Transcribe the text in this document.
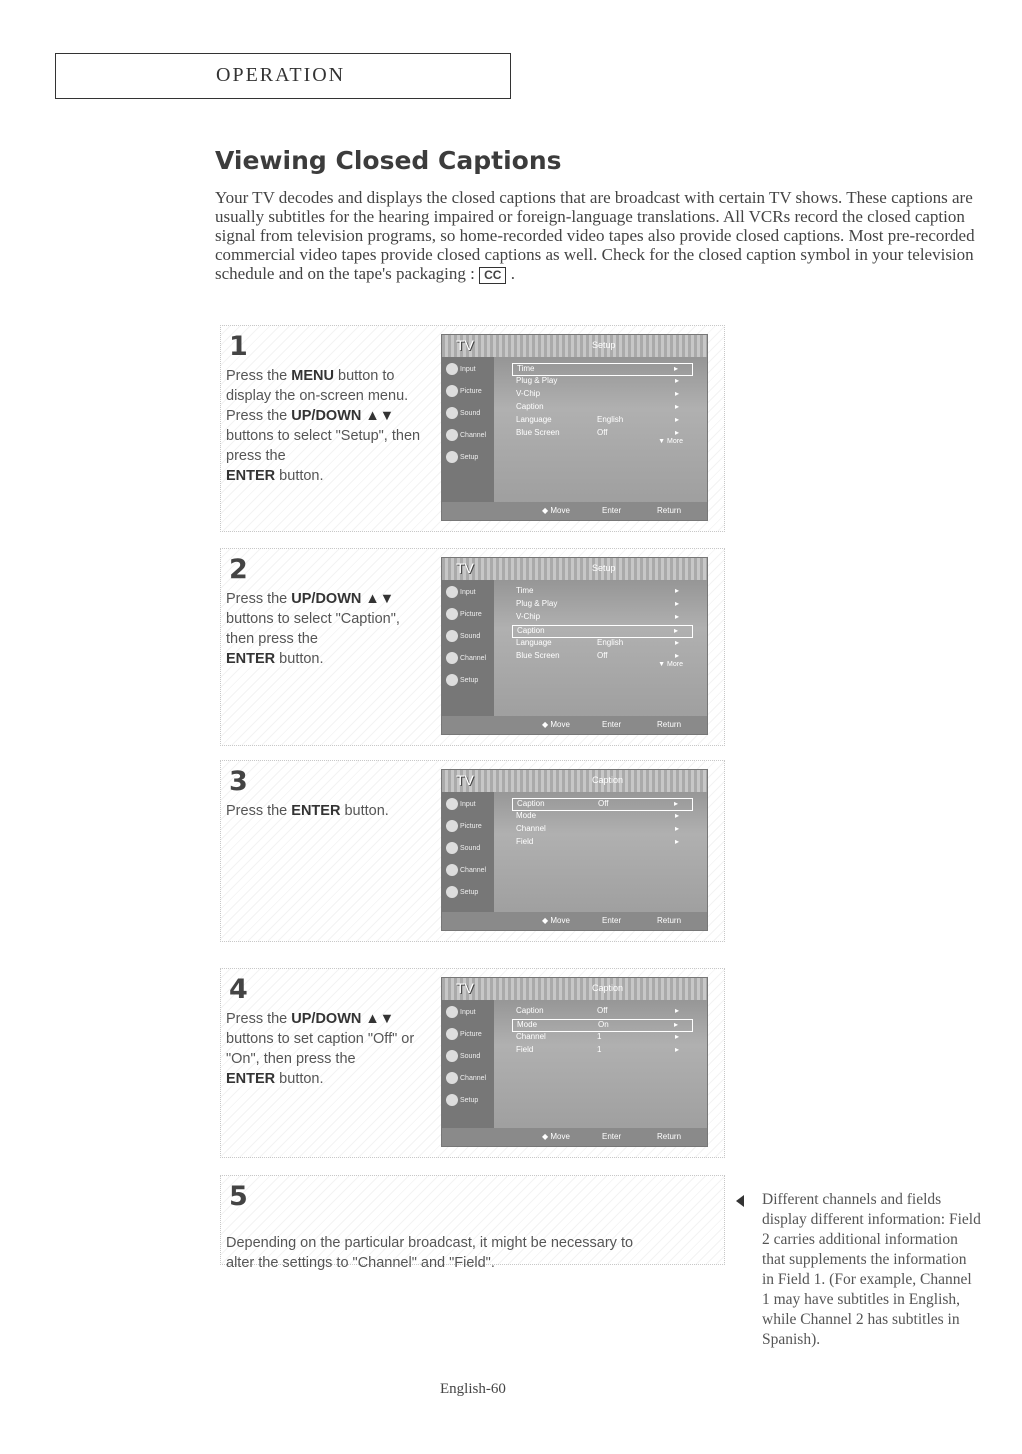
OPERATION
Viewing Closed Captions

Your TV decodes and displays the closed captions that are broadcast with certain TV shows. These captions are usually subtitles for the hearing impaired or foreign-language translations. All VCRs record the closed caption signal from television programs, so home-recorded video tapes also provide closed captions. Most pre-recorded commercial video tapes provide closed captions as well. Check for the closed caption symbol in your television schedule and on the tape's packaging : CC .

1
Press the MENU button to display the on-screen menu.
Press the UP/DOWN ▲▼ buttons to select "Setup", then press the
ENTER button.
TV	Setup
Input
Picture
Sound
Channel
Setup
Time	▸
Plug & Play	▸
V-Chip	▸
Caption	▸
Language	English	▸
Blue Screen	Off	▸
▼ More
◆ Move	Enter	Return
2
Press the UP/DOWN ▲▼ buttons to select "Caption", then press the
ENTER button.
TV	Setup
Input
Picture
Sound
Channel
Setup
Time	▸
Plug & Play	▸
V-Chip	▸
Caption	▸
Language	English	▸
Blue Screen	Off	▸
▼ More
◆ Move	Enter	Return
3
Press the ENTER button.
TV	Caption
Input
Picture
Sound
Channel
Setup
Caption	Off	▸
Mode	▸
Channel	▸
Field	▸
◆ Move	Enter	Return
4
Press the UP/DOWN ▲▼ buttons to set caption "Off" or "On", then press the
ENTER button.
TV	Caption
Input
Picture
Sound
Channel
Setup
Caption	Off	▸
Mode	On	▸
Channel	1	▸
Field	1	▸
◆ Move	Enter	Return
5
Depending on the particular broadcast, it might be necessary to alter the settings to "Channel" and "Field".

Different channels and fields display different information: Field 2 carries additional information that supplements the information in Field 1. (For example, Channel 1 may have subtitles in English, while Channel 2 has subtitles in Spanish).

English-60
